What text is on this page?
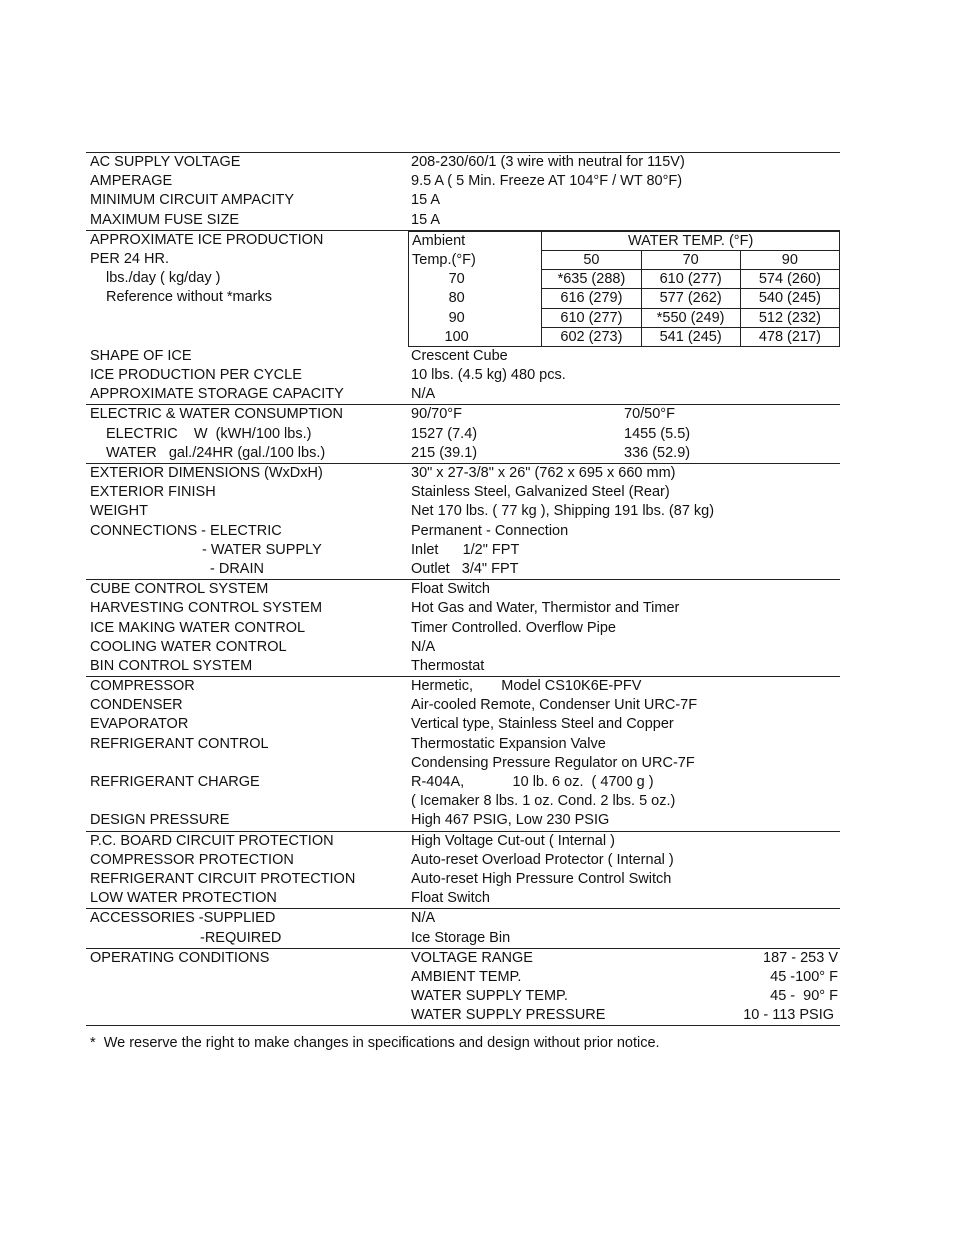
AC SUPPLY VOLTAGE	208-230/60/1 (3 wire with neutral for 115V)
AMPERAGE	9.5 A ( 5 Min. Freeze AT 104°F / WT 80°F)
MINIMUM CIRCUIT AMPACITY	15 A
MAXIMUM FUSE SIZE	15 A
APPROXIMATE ICE PRODUCTION
PER 24 HR.
lbs./day ( kg/day )
Reference without *marks
Ambient	WATER TEMP. (°F)		
Temp.(°F)	50	70	90
70	*635 (288)	610 (277)	574 (260)
80	616 (279)	577 (262)	540 (245)
90	610 (277)	*550 (249)	512 (232)
100	602 (273)	541 (245)	478 (217)
SHAPE OF ICE	Crescent Cube
ICE PRODUCTION PER CYCLE	10 lbs. (4.5 kg) 480 pcs.
APPROXIMATE STORAGE CAPACITY	N/A
ELECTRIC & WATER CONSUMPTION	90/70°F	70/50°F
ELECTRIC    W  (kWH/100 lbs.)	1527 (7.4)	1455 (5.5)
WATER   gal./24HR (gal./100 lbs.)	215 (39.1)	336 (52.9)
EXTERIOR DIMENSIONS (WxDxH)	30" x 27-3/8" x 26" (762 x 695 x 660 mm)
EXTERIOR FINISH	Stainless Steel, Galvanized Steel (Rear)
WEIGHT	Net 170 lbs. ( 77 kg ), Shipping 191 lbs. (87 kg)
CONNECTIONS - ELECTRIC	Permanent - Connection
- WATER SUPPLY	Inlet      1/2" FPT
- DRAIN	Outlet   3/4" FPT
CUBE CONTROL SYSTEM	Float Switch
HARVESTING CONTROL SYSTEM	Hot Gas and Water, Thermistor and Timer
ICE MAKING WATER CONTROL	Timer Controlled. Overflow Pipe
COOLING WATER CONTROL	N/A
BIN CONTROL SYSTEM	Thermostat
COMPRESSOR	Hermetic,       Model CS10K6E-PFV
CONDENSER	Air-cooled Remote, Condenser Unit URC-7F
EVAPORATOR	Vertical type, Stainless Steel and Copper
REFRIGERANT CONTROL	Thermostatic Expansion Valve
Condensing Pressure Regulator on URC-7F
REFRIGERANT CHARGE	R-404A,            10 lb. 6 oz.  ( 4700 g )
( Icemaker 8 lbs. 1 oz. Cond. 2 lbs. 5 oz.)
DESIGN PRESSURE	High 467 PSIG, Low 230 PSIG
P.C. BOARD CIRCUIT PROTECTION	High Voltage Cut-out ( Internal )
COMPRESSOR PROTECTION	Auto-reset Overload Protector ( Internal )
REFRIGERANT CIRCUIT PROTECTION	Auto-reset High Pressure Control Switch
LOW WATER PROTECTION	Float Switch
ACCESSORIES -SUPPLIED	N/A
-REQUIRED	Ice Storage Bin
OPERATING CONDITIONS	VOLTAGE RANGE	187 - 253 V
AMBIENT TEMP.	45 -100° F
WATER SUPPLY TEMP.	45 -  90° F
WATER SUPPLY PRESSURE	10 - 113 PSIG
*  We reserve the right to make changes in specifications and design without prior notice.
